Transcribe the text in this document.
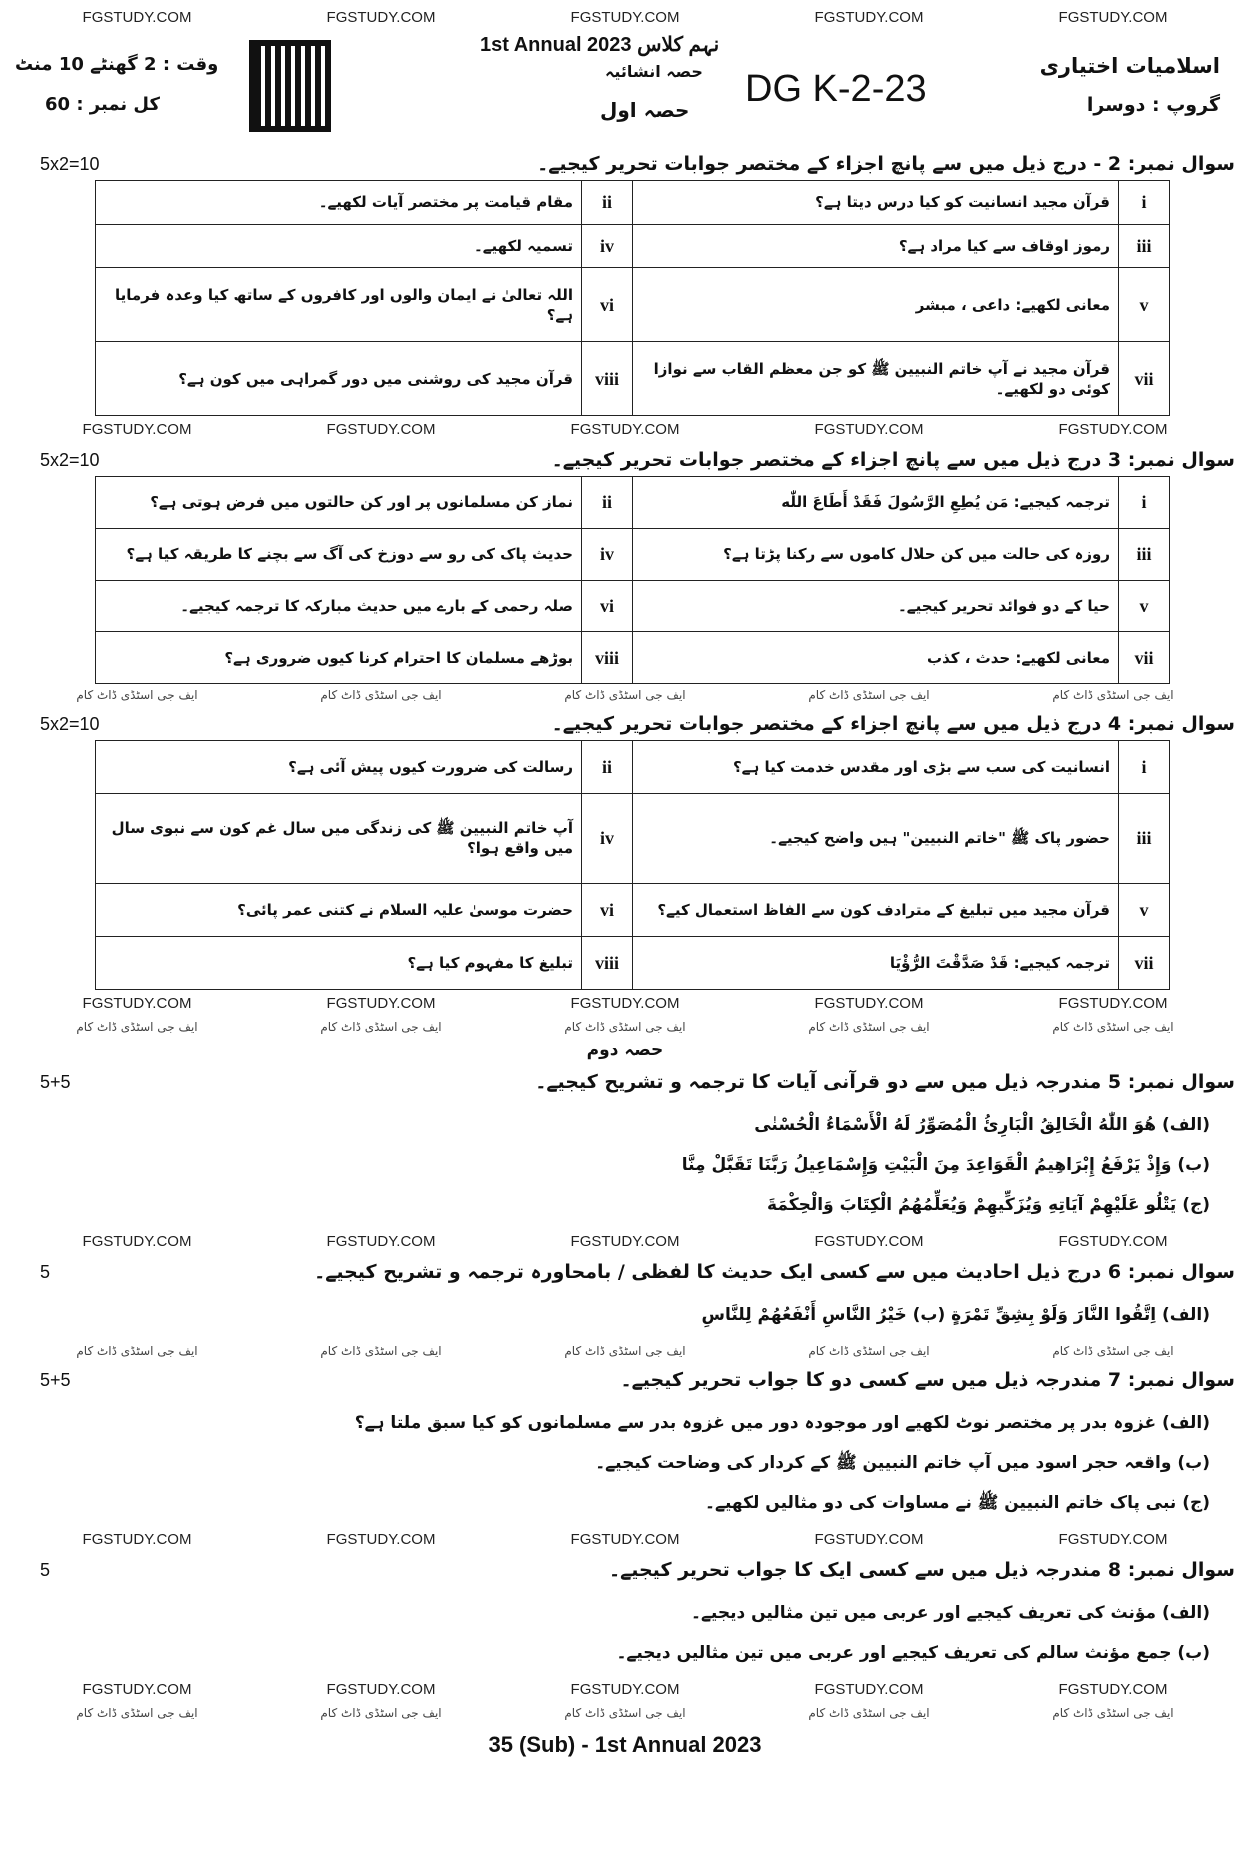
FGSTUDY.COM	FGSTUDY.COM	FGSTUDY.COM	FGSTUDY.COM	FGSTUDY.COM
1st Annual 2023 نہم کلاس
اسلامیات اختیاری
گروپ : دوسرا
وقت : 2 گھنٹے 10 منٹ
کل نمبر : 60
حصہ انشائیہ
حصہ اول DG K-2-23
سوال نمبر: 2 - درج ذیل میں سے پانچ اجزاء کے مختصر جوابات تحریر کیجیے۔
5x2=10
i	قرآن مجید انسانیت کو کیا درس دیتا ہے؟	ii	مقام قیامت پر مختصر آیات لکھیے۔
iii	رموز اوقاف سے کیا مراد ہے؟	iv	تسمیہ لکھیے۔
v	معانی لکھیے: داعی ، مبشر	vi	اللہ تعالیٰ نے ایمان والوں اور کافروں کے ساتھ کیا وعدہ فرمایا ہے؟
vii	قرآن مجید نے آپ خاتم النبیین ﷺ کو جن معظم القاب سے نوازا کوئی دو لکھیے۔	viii	قرآن مجید کی روشنی میں دور گمراہی میں کون ہے؟
FGSTUDY.COM	FGSTUDY.COM	FGSTUDY.COM	FGSTUDY.COM	FGSTUDY.COM
سوال نمبر: 3 درج ذیل میں سے پانچ اجزاء کے مختصر جوابات تحریر کیجیے۔
5x2=10
i	ترجمہ کیجیے: مَن يُطِعِ الرَّسُولَ فَقَدْ أَطَاعَ اللّٰه	ii	نماز کن مسلمانوں پر اور کن حالتوں میں فرض ہوتی ہے؟
iii	روزہ کی حالت میں کن حلال کاموں سے رکنا پڑتا ہے؟	iv	حدیث پاک کی رو سے دوزخ کی آگ سے بچنے کا طریقہ کیا ہے؟
v	حیا کے دو فوائد تحریر کیجیے۔	vi	صلہ رحمی کے بارے میں حدیث مبارکہ کا ترجمہ کیجیے۔
vii	معانی لکھیے: حدث ، کذب	viii	بوڑھے مسلمان کا احترام کرنا کیوں ضروری ہے؟
ایف جی اسٹڈی ڈاٹ کام
ایف جی اسٹڈی ڈاٹ کام
ایف جی اسٹڈی ڈاٹ کام
ایف جی اسٹڈی ڈاٹ کام
ایف جی اسٹڈی ڈاٹ کام
سوال نمبر: 4 درج ذیل میں سے پانچ اجزاء کے مختصر جوابات تحریر کیجیے۔
5x2=10
i	انسانیت کی سب سے بڑی اور مقدس خدمت کیا ہے؟	ii	رسالت کی ضرورت کیوں پیش آئی ہے؟
iii	حضور پاک ﷺ "خاتم النبیین" ہیں واضح کیجیے۔	iv	آپ خاتم النبیین ﷺ کی زندگی میں سال غم کون سے نبوی سال میں واقع ہوا؟
v	قرآن مجید میں تبلیغ کے مترادف کون سے الفاظ استعمال کیے؟	vi	حضرت موسیٰ علیہ السلام نے کتنی عمر پائی؟
vii	ترجمہ کیجیے: قَدْ صَدَّقْتَ الرُّؤْيَا	viii	تبلیغ کا مفہوم کیا ہے؟
FGSTUDY.COM	FGSTUDY.COM	FGSTUDY.COM	FGSTUDY.COM	FGSTUDY.COM
ایف جی اسٹڈی ڈاٹ کام
ایف جی اسٹڈی ڈاٹ کام
ایف جی اسٹڈی ڈاٹ کام
ایف جی اسٹڈی ڈاٹ کام
ایف جی اسٹڈی ڈاٹ کام
حصہ دوم
سوال نمبر: 5 مندرجہ ذیل میں سے دو قرآنی آیات کا ترجمہ و تشریح کیجیے۔
5+5
(الف) هُوَ اللّٰهُ الْخَالِقُ الْبَارِئُ الْمُصَوِّرُ لَهُ الْأَسْمَاءُ الْحُسْنٰى
(ب) وَإِذْ يَرْفَعُ إِبْرَاهِيمُ الْقَوَاعِدَ مِنَ الْبَيْتِ وَإِسْمَاعِيلُ رَبَّنَا تَقَبَّلْ مِنَّا
(ج) يَتْلُو عَلَيْهِمْ آيَاتِهِ وَيُزَكِّيهِمْ وَيُعَلِّمُهُمُ الْكِتَابَ وَالْحِكْمَةَ
FGSTUDY.COM	FGSTUDY.COM	FGSTUDY.COM	FGSTUDY.COM	FGSTUDY.COM
سوال نمبر: 6 درج ذیل احادیث میں سے کسی ایک حدیث کا لفظی / بامحاورہ ترجمہ و تشریح کیجیے۔
5
(الف) اِتَّقُوا النَّارَ وَلَوْ بِشِقِّ تَمْرَةٍ (ب) خَيْرُ النَّاسِ أَنْفَعُهُمْ لِلنَّاسِ
ایف جی اسٹڈی ڈاٹ کام
ایف جی اسٹڈی ڈاٹ کام
ایف جی اسٹڈی ڈاٹ کام
ایف جی اسٹڈی ڈاٹ کام
ایف جی اسٹڈی ڈاٹ کام
سوال نمبر: 7 مندرجہ ذیل میں سے کسی دو کا جواب تحریر کیجیے۔
5+5
(الف) غزوہ بدر پر مختصر نوٹ لکھیے اور موجودہ دور میں غزوہ بدر سے مسلمانوں کو کیا سبق ملتا ہے؟
(ب) واقعہ حجر اسود میں آپ خاتم النبیین ﷺ کے کردار کی وضاحت کیجیے۔
(ج) نبی پاک خاتم النبیین ﷺ نے مساوات کی دو مثالیں لکھیے۔
FGSTUDY.COM	FGSTUDY.COM	FGSTUDY.COM	FGSTUDY.COM	FGSTUDY.COM
سوال نمبر: 8 مندرجہ ذیل میں سے کسی ایک کا جواب تحریر کیجیے۔
5
(الف) مؤنث کی تعریف کیجیے اور عربی میں تین مثالیں دیجیے۔
(ب) جمع مؤنث سالم کی تعریف کیجیے اور عربی میں تین مثالیں دیجیے۔
FGSTUDY.COM	FGSTUDY.COM	FGSTUDY.COM	FGSTUDY.COM	FGSTUDY.COM
ایف جی اسٹڈی ڈاٹ کام
ایف جی اسٹڈی ڈاٹ کام
ایف جی اسٹڈی ڈاٹ کام
ایف جی اسٹڈی ڈاٹ کام
ایف جی اسٹڈی ڈاٹ کام
35 (Sub) - 1st Annual 2023
